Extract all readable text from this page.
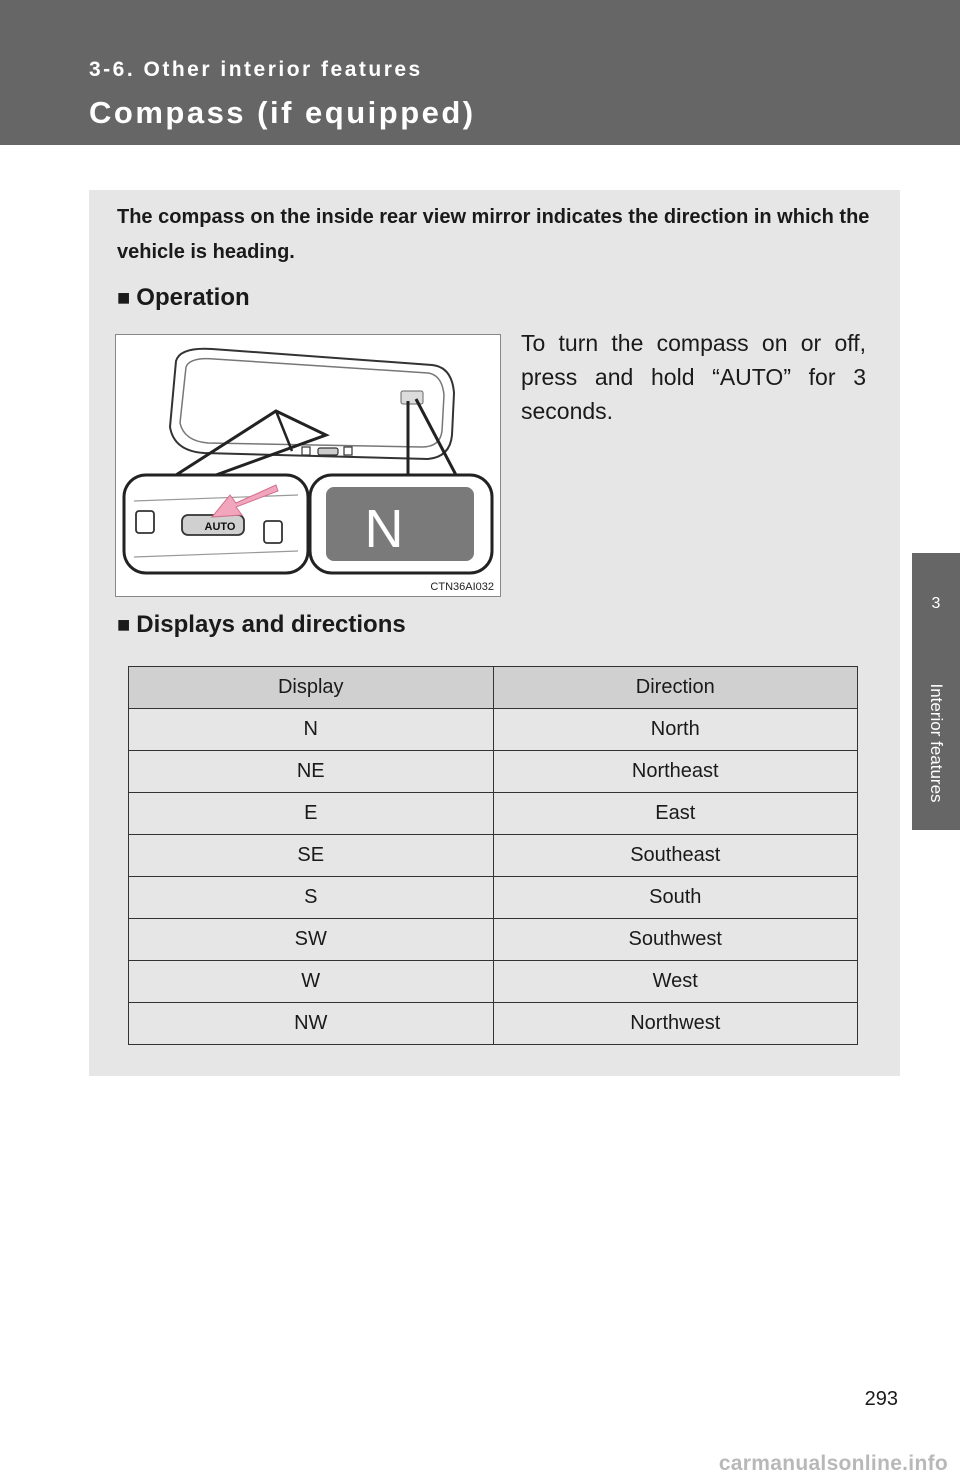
3-6. Other interior features
Compass (if equipped)
3
Interior features
The compass on the inside rear view mirror indicates the direction in which the vehicle is heading.
■ Operation
AUTO N
CTN36AI032
To turn the compass on or off, press and hold “AUTO” for 3 seconds.
■ Displays and directions
Display	Direction
N	North
NE	Northeast
E	East
SE	Southeast
S	South
SW	Southwest
W	West
NW	Northwest
293
carmanualsonline.info
